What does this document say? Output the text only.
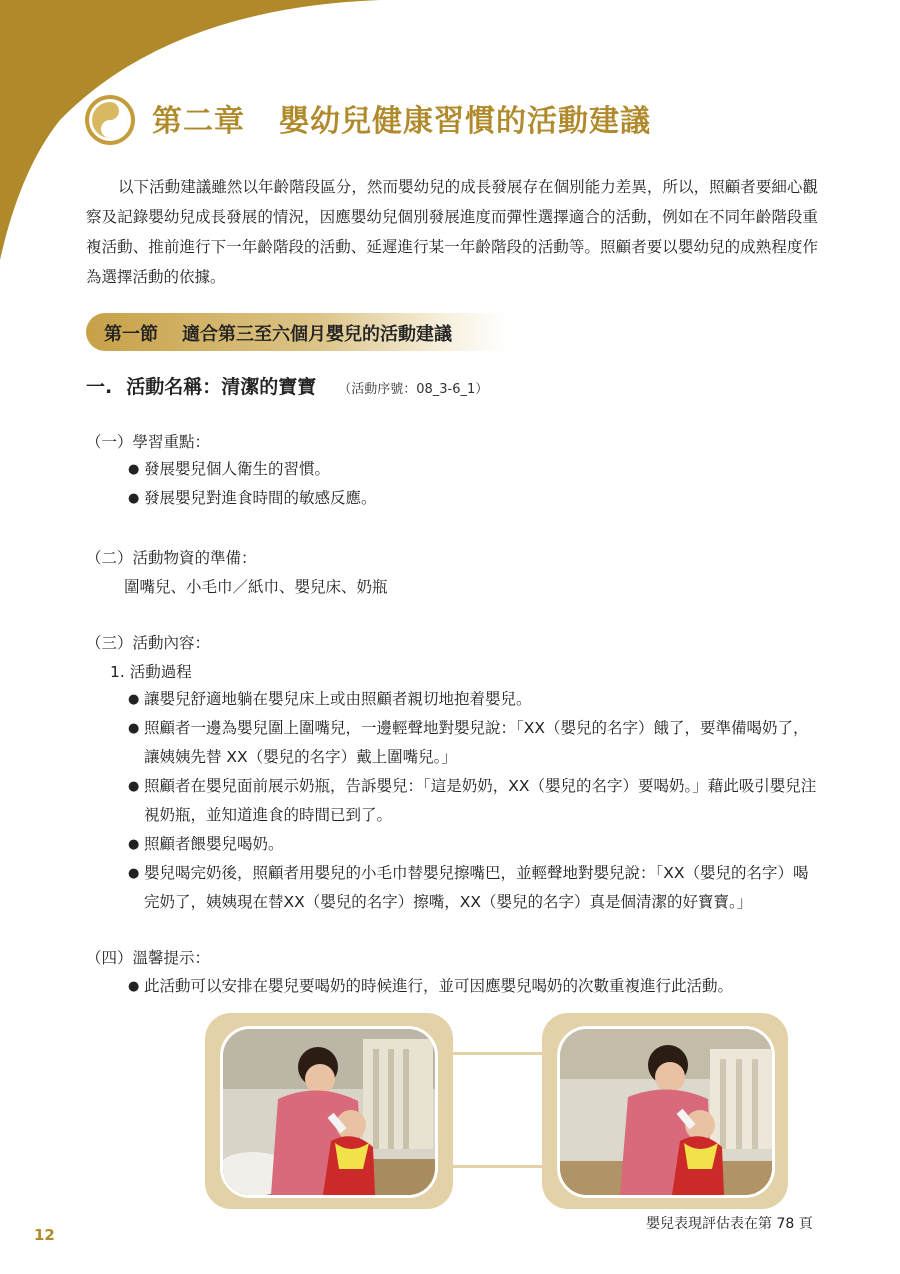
第二章 嬰幼兒健康習慣的活動建議
以下活動建議雖然以年齡階段區分，然而嬰幼兒的成長發展存在個別能力差異，所以，照顧者要細心觀察及記錄嬰幼兒成長發展的情況，因應嬰幼兒個別發展進度而彈性選擇適合的活動，例如在不同年齡階段重複活動、推前進行下一年齡階段的活動、延遲進行某一年齡階段的活動等。照顧者要以嬰幼兒的成熟程度作為選擇活動的依據。
第一節 適合第三至六個月嬰兒的活動建議
一. 活動名稱：清潔的寶寶 （活動序號：08_3-6_1）
（一）學習重點：
● 發展嬰兒個人衛生的習慣。
● 發展嬰兒對進食時間的敏感反應。
（二）活動物資的準備：
圍嘴兒、小毛巾／紙巾、嬰兒床、奶瓶
（三）活動內容：
1. 活動過程
● 讓嬰兒舒適地躺在嬰兒床上或由照顧者親切地抱着嬰兒。
● 照顧者一邊為嬰兒圍上圍嘴兒，一邊輕聲地對嬰兒說：「XX（嬰兒的名字）餓了，要準備喝奶了，讓姨姨先替 XX（嬰兒的名字）戴上圍嘴兒。」
● 照顧者在嬰兒面前展示奶瓶，告訴嬰兒：「這是奶奶，XX（嬰兒的名字）要喝奶。」藉此吸引嬰兒注視奶瓶，並知道進食的時間已到了。
● 照顧者餵嬰兒喝奶。
● 嬰兒喝完奶後，照顧者用嬰兒的小毛巾替嬰兒擦嘴巴，並輕聲地對嬰兒說：「XX（嬰兒的名字）喝完奶了，姨姨現在替XX（嬰兒的名字）擦嘴，XX（嬰兒的名字）真是個清潔的好寶寶。」
（四）溫馨提示：
● 此活動可以安排在嬰兒要喝奶的時候進行，並可因應嬰兒喝奶的次數重複進行此活動。
嬰兒表現評估表在第 78 頁
12
